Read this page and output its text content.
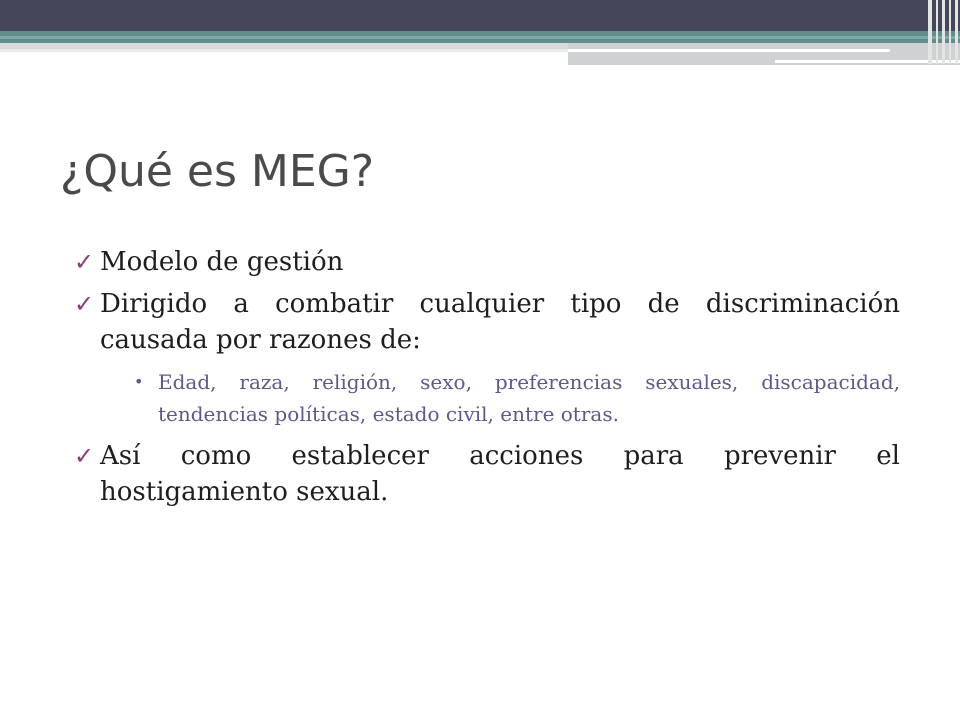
¿Qué es MEG?
✓ Modelo de gestión
✓ Dirigido a combatir cualquier tipo de discriminación causada por razones de:
• Edad, raza, religión, sexo, preferencias sexuales, discapacidad, tendencias políticas, estado civil, entre otras.
✓ Así como establecer acciones para prevenir el hostigamiento sexual.
